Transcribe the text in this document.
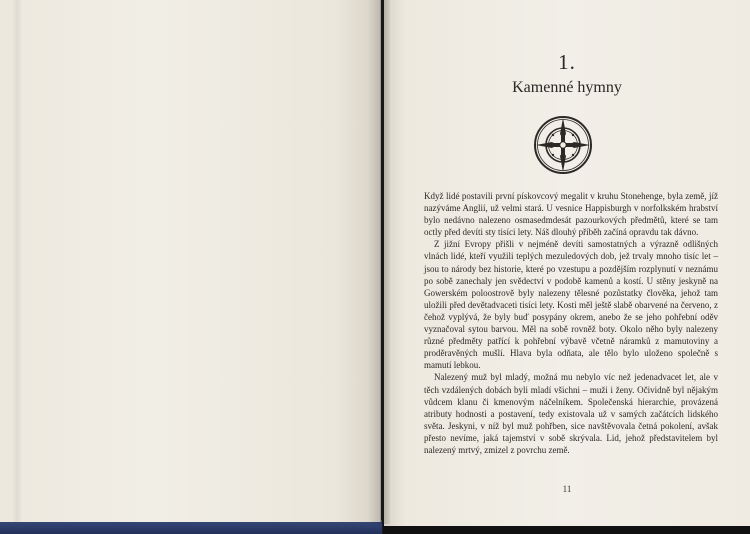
1.
Kamenné hymny

Když lidé postavili první pískovcový megalit v kruhu Stonehenge, byla země, jíž nazýváme Anglií, už velmi stará. U vesnice Happisburgh v norfolkském hrabství bylo nedávno nalezeno osmasedmdesát pazourkových předmětů, které se tam octly před devíti sty tisíci lety. Náš dlouhý příběh začíná opravdu tak dávno.

Z jižní Evropy přišli v nejméně devíti samostatných a výrazně odlišných vlnách lidé, kteří využili teplých mezuledových dob, jež trvaly mnoho tisíc let – jsou to národy bez historie, které po vzestupu a pozdějším rozplynutí v neznámu po sobě zanechaly jen svědectví v podobě kamenů a kostí. U stěny jeskyně na Gowerském poloostrově byly nalezeny tělesné pozůstatky člověka, jehož tam uložili před devětadvaceti tisíci lety. Kosti měl ještě slabě obarvené na červeno, z čehož vyplývá, že byly buď posypány okrem, anebo že se jeho pohřební oděv vyznačoval sytou barvou. Měl na sobě rovněž boty. Okolo něho byly nalezeny různé předměty patřící k pohřební výbavě včetně náramků z mamutoviny a proděravěných mušlí. Hlava byla odňata, ale tělo bylo uloženo společně s mamutí lebkou.

Nalezený muž byl mladý, možná mu nebylo víc než jedenadvacet let, ale v těch vzdálených dobách byli mladí všichni – muži i ženy. Očividně byl nějakým vůdcem klanu či kmenovým náčelníkem. Společenská hierarchie, provázená atributy hodnosti a postavení, tedy existovala už v samých začátcích lidského světa. Jeskyni, v níž byl muž pohřben, sice navštěvovala četná pokolení, avšak přesto nevíme, jaká tajemství v sobě skrývala. Lid, jehož představitelem byl nalezený mrtvý, zmizel z povrchu země.

11
